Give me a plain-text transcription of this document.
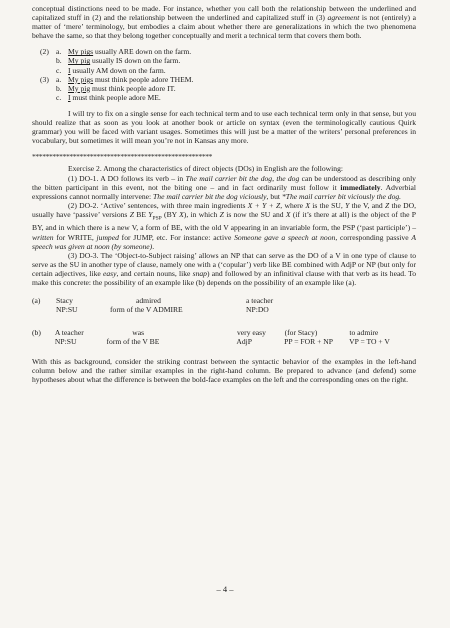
conceptual distinctions need to be made. For instance, whether you call both the relationship between the underlined and capitalized stuff in (2) and the relationship between the underlined and capitalized stuff in (3) agreement is not (entirely) a matter of ‘mere’ terminology, but embodies a claim about whether there are generalizations in which the two phenomena behave the same, so that they belong together conceptually and merit a technical term that covers them both.

(2) a. My pigs usually ARE down on the farm.
b. My pig usually IS down on the farm.
c. I usually AM down on the farm.
(3) a. My pigs must think people adore THEM.
b. My pig must think people adore IT.
c. I must think people adore ME.

I will try to fix on a single sense for each technical term and to use each technical term only in that sense, but you should realize that as soon as you look at another book or article on syntax (even the terminologically cautious Quirk grammar) you will be faced with variant usages. Sometimes this will just be a matter of the writers’ personal preferences in vocabulary, but sometimes it will mean you’re not in Kansas any more.

*****************************************************

Exercise 2. Among the characteristics of direct objects (DOs) in English are the following:

(1) DO-1. A DO follows its verb – in The mail carrier bit the dog, the dog can be understood as describing only the bitten participant in this event, not the biting one – and in fact ordinarily must follow it immediately. Adverbial expressions cannot normally intervene: The mail carrier bit the dog viciously, but *The mail carrier bit viciously the dog.

(2) DO-2. ‘Active’ sentences, with three main ingredients X + Y + Z, where X is the SU, Y the V, and Z the DO, usually have ‘passive’ versions Z BE $Y_{PSP}$ (BY X), in which Z is now the SU and X (if it’s there at all) is the object of the P BY, and in which there is a new V, a form of BE, with the old V appearing in an invariable form, the PSP (‘past participle’) – written for WRITE, jumped for JUMP, etc. For instance: active Someone gave a speech at noon, corresponding passive A speech was given at noon (by someone).

(3) DO-3. The ‘Object-to-Subject raising’ allows an NP that can serve as the DO of a V in one type of clause to serve as the SU in another type of clause, namely one with a (‘copular’) verb like BE combined with AdjP or NP (but only for certain adjectives, like easy, and certain nouns, like snap) and followed by an infinitival clause with that verb as its head. To make this concrete: the possibility of an example like (b) depends on the possibility of an example like (a).

(a)	Stacy	admired	a teacher
NP:SU	form of the V ADMIRE	NP:DO
(b)	A teacher	was	very easy	(for Stacy)	to admire
NP:SU	form of the V BE	AdjP	PP = FOR + NP	VP = TO + V

With this as background, consider the striking contrast between the syntactic behavior of the examples in the left-hand column below and the rather similar examples in the right-hand column. Be prepared to advance (and defend) some hypotheses about what the difference is between the bold-face examples on the left and the corresponding ones on the right.

– 4 –
